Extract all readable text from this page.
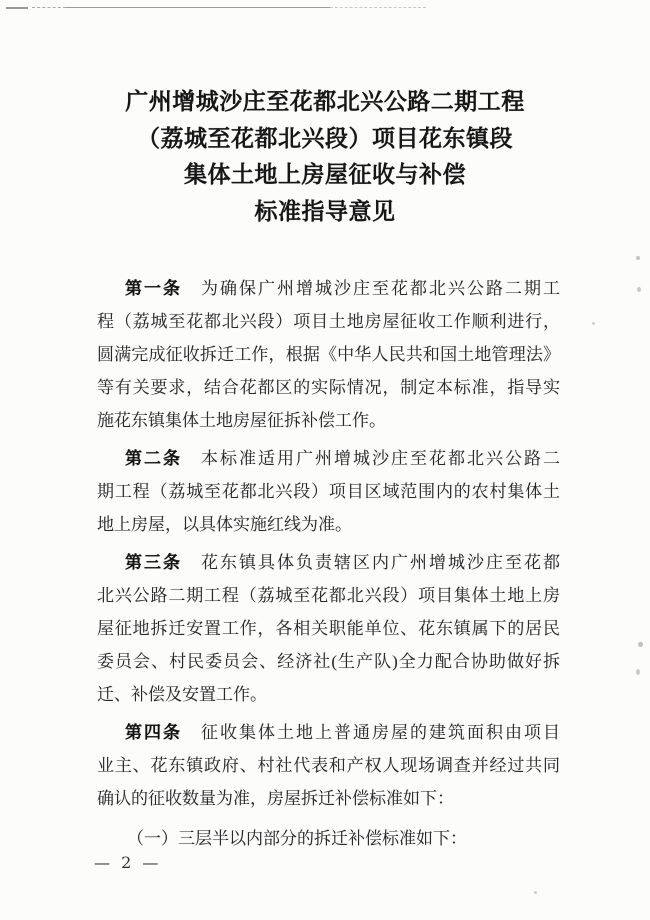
广州增城沙庄至花都北兴公路二期工程
（荔城至花都北兴段）项目花东镇段
集体土地上房屋征收与补偿
标准指导意见
第一条　 为确保广州增城沙庄至花都北兴公路二期工
程（荔城至花都北兴段）项目土地房屋征收工作顺利进行，
圆满完成征收拆迁工作，根据《中华人民共和国土地管理法》
等有关要求，结合花都区的实际情况，制定本标准，指导实
施花东镇集体土地房屋征拆补偿工作。
第二条　 本标准适用广州增城沙庄至花都北兴公路二
期工程（荔城至花都北兴段）项目区域范围内的农村集体土
地上房屋，以具体实施红线为准。
第三条　 花东镇具体负责辖区内广州增城沙庄至花都
北兴公路二期工程（荔城至花都北兴段）项目集体土地上房
屋征地拆迁安置工作，各相关职能单位、花东镇属下的居民
委员会、村民委员会、经济社(生产队)全力配合协助做好拆
迁、补偿及安置工作。
第四条　 征收集体土地上普通房屋的建筑面积由项目
业主、花东镇政府、村社代表和产权人现场调查并经过共同
确认的征收数量为准，房屋拆迁补偿标准如下：
（一）三层半以内部分的拆迁补偿标准如下：
— 2 —
